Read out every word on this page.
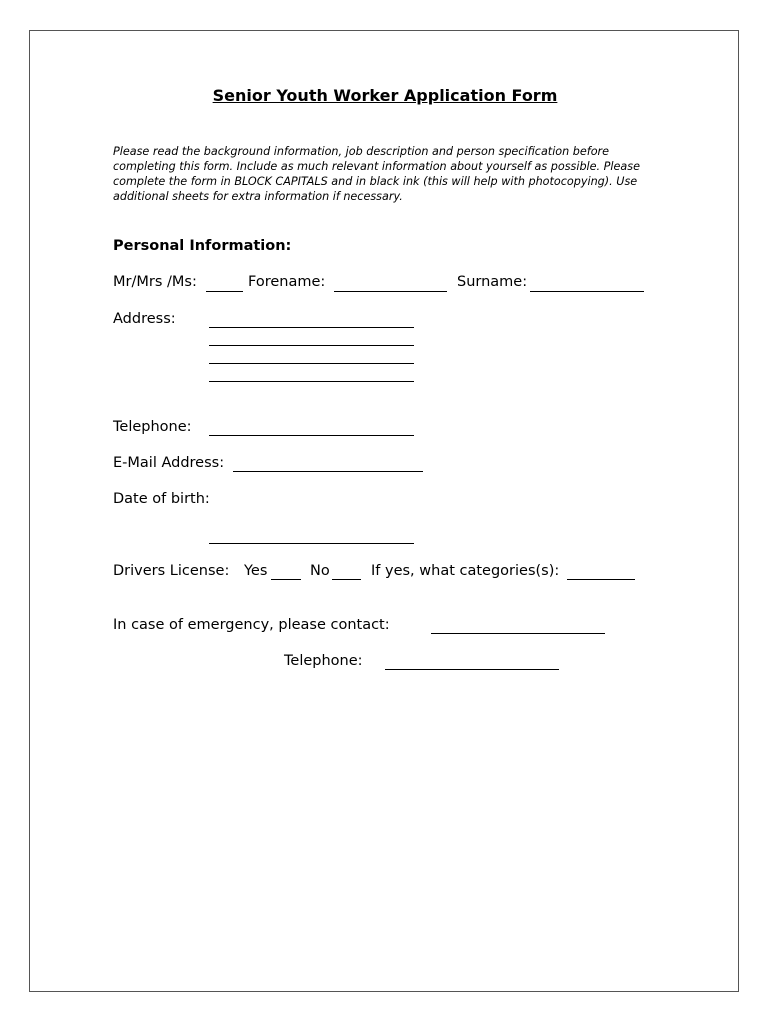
Senior Youth Worker Application Form
Please read the background information, job description and person specification before completing this form. Include as much relevant information about yourself as possible. Please complete the form in BLOCK CAPITALS and in black ink (this will help with photocopying). Use additional sheets for extra information if necessary.
Personal Information:
Mr/Mrs /Ms:	Forename:	Surname:
Address:
Telephone:
E-Mail Address:
Date of birth:
Drivers License: Yes	No	If yes, what categories(s):
In case of emergency, please contact:
Telephone:
